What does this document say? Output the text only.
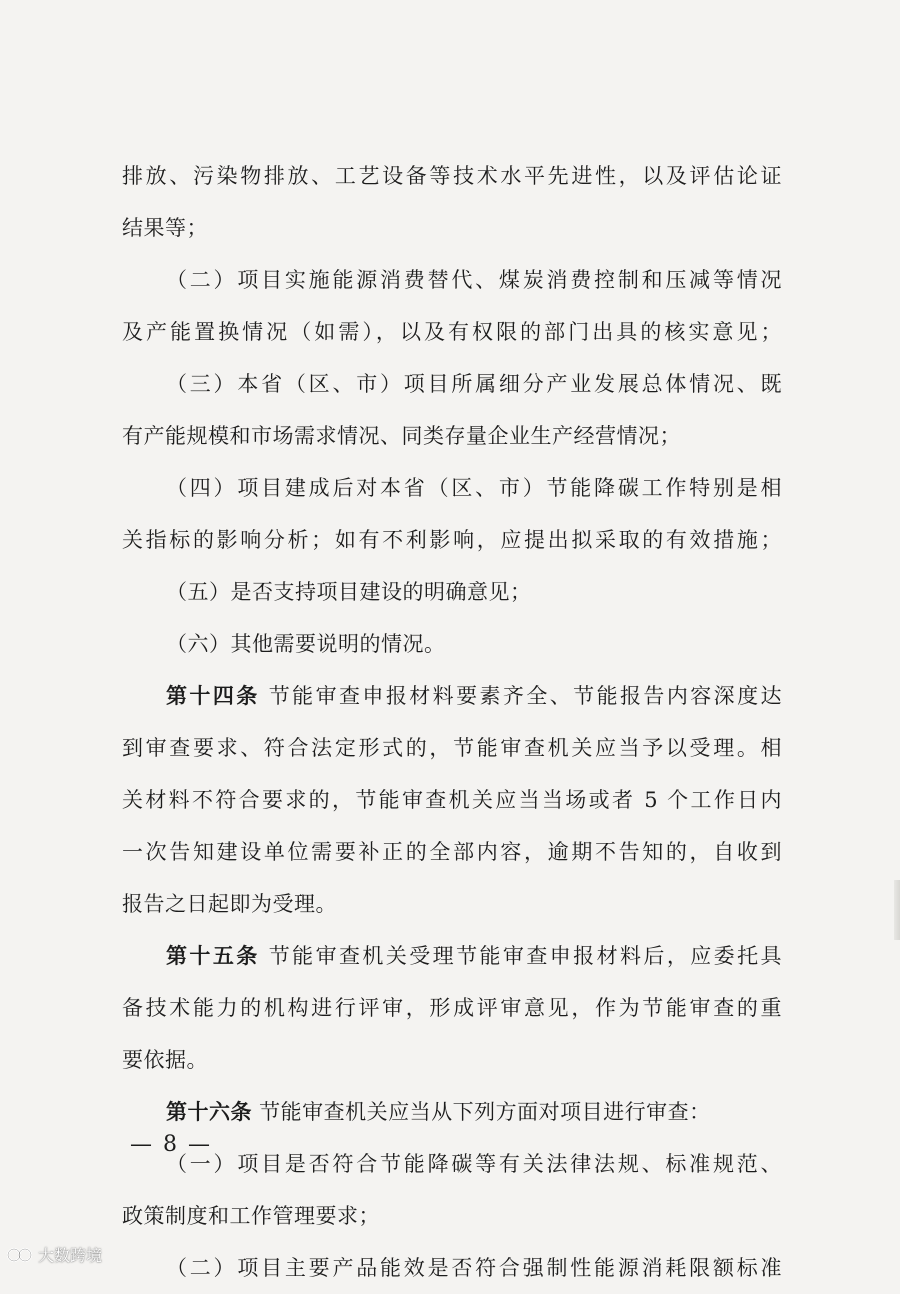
排放、污染物排放、工艺设备等技术水平先进性，以及评估论证
结果等；
（二）项目实施能源消费替代、煤炭消费控制和压减等情况
及产能置换情况（如需），以及有权限的部门出具的核实意见；
（三）本省（区、市）项目所属细分产业发展总体情况、既
有产能规模和市场需求情况、同类存量企业生产经营情况；
（四）项目建成后对本省（区、市）节能降碳工作特别是相
关指标的影响分析；如有不利影响，应提出拟采取的有效措施；
（五）是否支持项目建设的明确意见；
（六）其他需要说明的情况。
第十四条 节能审查申报材料要素齐全、节能报告内容深度达
到审查要求、符合法定形式的，节能审查机关应当予以受理。相
关材料不符合要求的，节能审查机关应当当场或者 5 个工作日内
一次告知建设单位需要补正的全部内容，逾期不告知的，自收到
报告之日起即为受理。
第十五条 节能审查机关受理节能审查申报材料后，应委托具
备技术能力的机构进行评审，形成评审意见，作为节能审查的重
要依据。
第十六条 节能审查机关应当从下列方面对项目进行审查：
（一）项目是否符合节能降碳等有关法律法规、标准规范、
政策制度和工作管理要求；
（二）项目主要产品能效是否符合强制性能源消耗限额标准
— 8 —
大数跨境
